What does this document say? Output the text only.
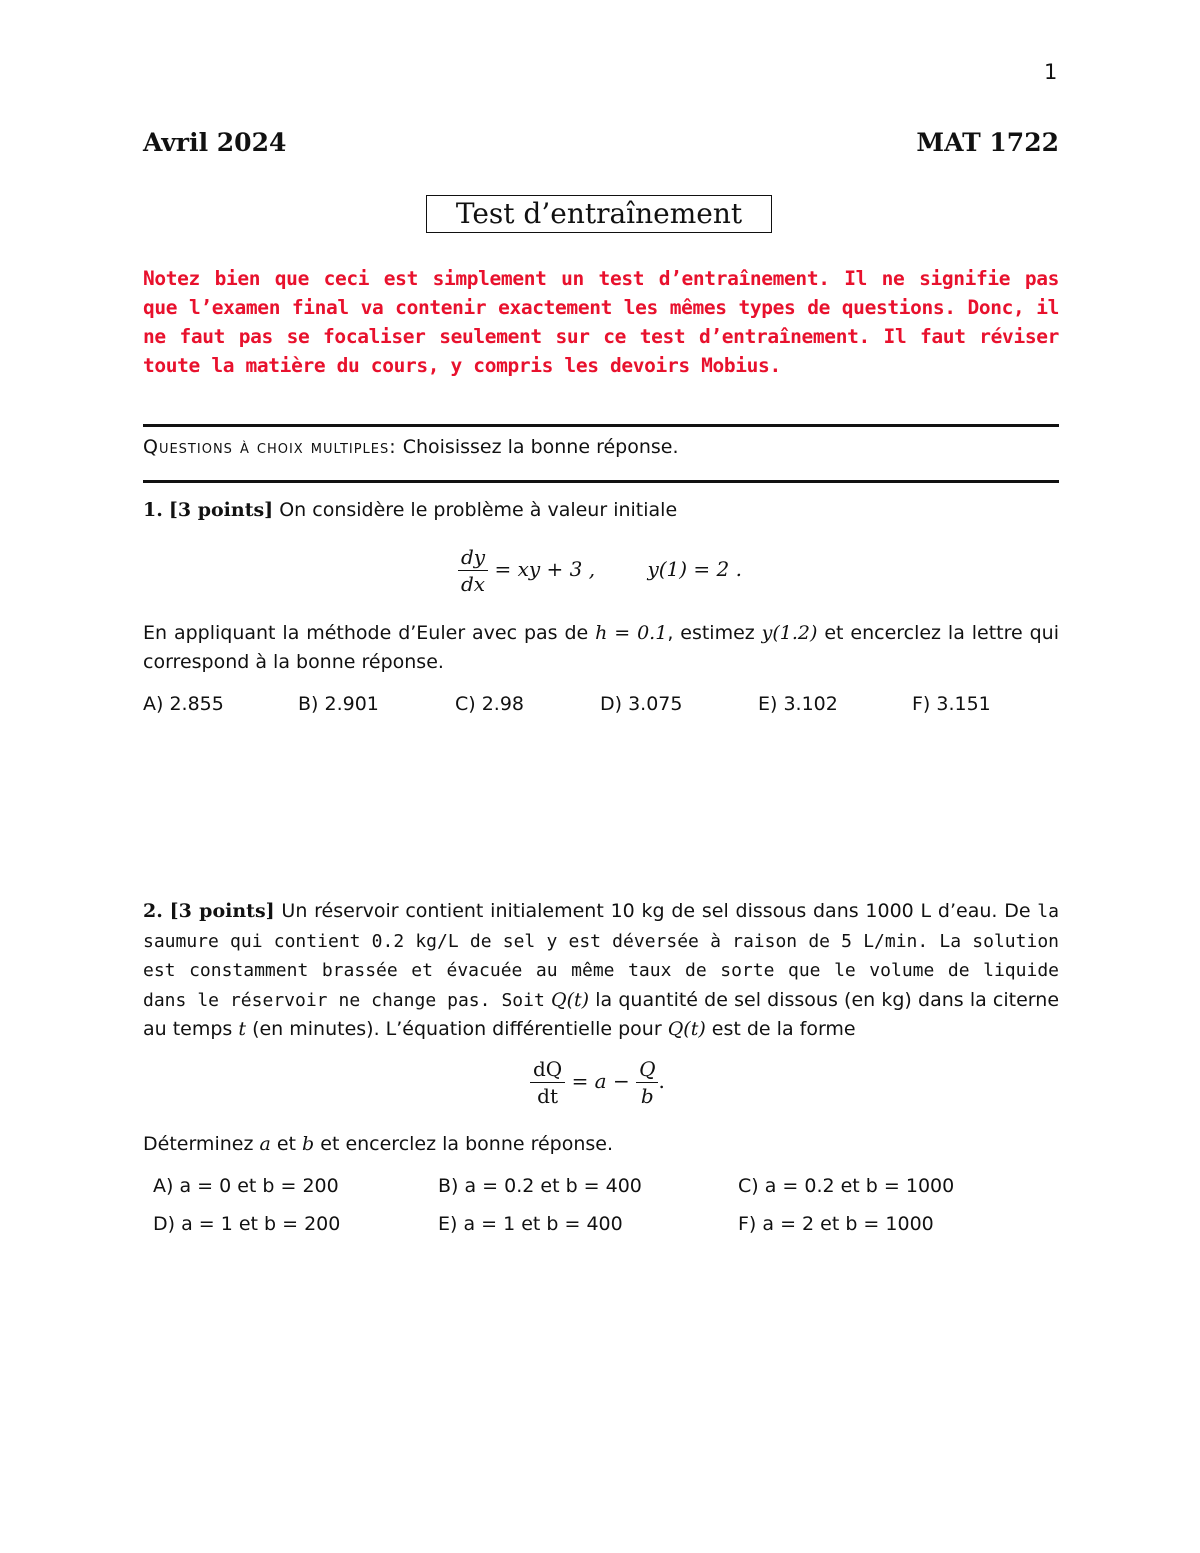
1
Avril 2024	MAT 1722
Test d’entraînement
Notez bien que ceci est simplement un test d’entraînement. Il ne signifie pas que l’examen final va contenir exactement les mêmes types de questions. Donc, il ne faut pas se focaliser seulement sur ce test d’entraînement. Il faut réviser toute la matière du cours, y compris les devoirs Mobius.
Questions à choix multiples: Choisissez la bonne réponse.
1. [3 points] On considère le problème à valeur initiale
$\frac{dy}{dx}$ = xy + 3 ,	y(1) = 2 .
En appliquant la méthode d’Euler avec pas de h = 0.1, estimez y(1.2) et encerclez la lettre qui correspond à la bonne réponse.
A) 2.855	B) 2.901	C) 2.98	D) 3.075	E) 3.102	F) 3.151
2. [3 points] Un réservoir contient initialement 10 kg de sel dissous dans 1000 L d’eau. De la saumure qui contient 0.2 kg/L de sel y est déversée à raison de 5 L/min. La solution est constamment brassée et évacuée au même taux de sorte que le volume de liquide dans le réservoir ne change pas. Soit Q(t) la quantité de sel dissous (en kg) dans la citerne au temps t (en minutes). L’équation différentielle pour Q(t) est de la forme
$\frac{dQ}{dt} = a - \frac{Q}{b}$ .
Déterminez a et b et encerclez la bonne réponse.
A) a = 0 et b = 200	B) a = 0.2 et b = 400	C) a = 0.2 et b = 1000
D) a = 1 et b = 200	E) a = 1 et b = 400	F) a = 2 et b = 1000
